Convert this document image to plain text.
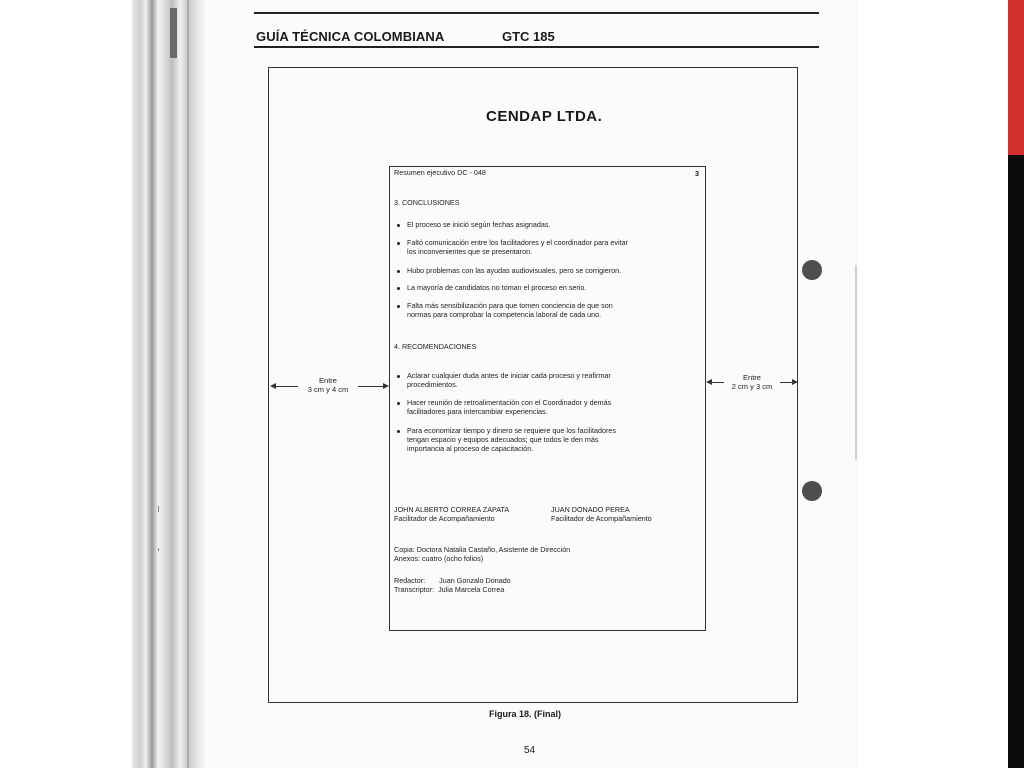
GUÍA TÉCNICA COLOMBIANA	GTC 185
CENDAP LTDA.
Resumen ejecutivo DC - 048	3
3. CONCLUSIONES
El proceso se inició según fechas asignadas.
Faltó comunicación entre los facilitadores y el coordinador para evitar
los inconvenientes que se presentaron.
Hubo problemas con las ayudas audiovisuales, pero se corrigieron.
La mayoría de candidatos no toman el proceso en serio.
Falta más sensibilización para que tomen conciencia de que son
normas para comprobar la competencia laboral de cada uno.
4. RECOMENDACIONES
Aclarar cualquier duda antes de iniciar cada proceso y reafirmar
procedimientos.
Hacer reunión de retroalimentación con el Coordinador y demás
facilitadores para intercambiar experiencias.
Para economizar tiempo y dinero se requiere que los facilitadores
tengan espacio y equipos adecuados; que todos le den más
importancia al proceso de capacitación.
JOHN ALBERTO CORREA ZAPATA
Facilitador de Acompañamiento
JUAN DONADO PEREA
Facilitador de Acompañamiento
Copia: Doctora Natalia Castaño, Asistente de Dirección
Anexos: cuatro (ocho folios)
Redactor: Juan Gonzalo Donado
Transcriptor: Julia Marcela Correa
Entre
3 cm y 4 cm
Entre
2 cm y 3 cm
Figura 18. (Final)
54
